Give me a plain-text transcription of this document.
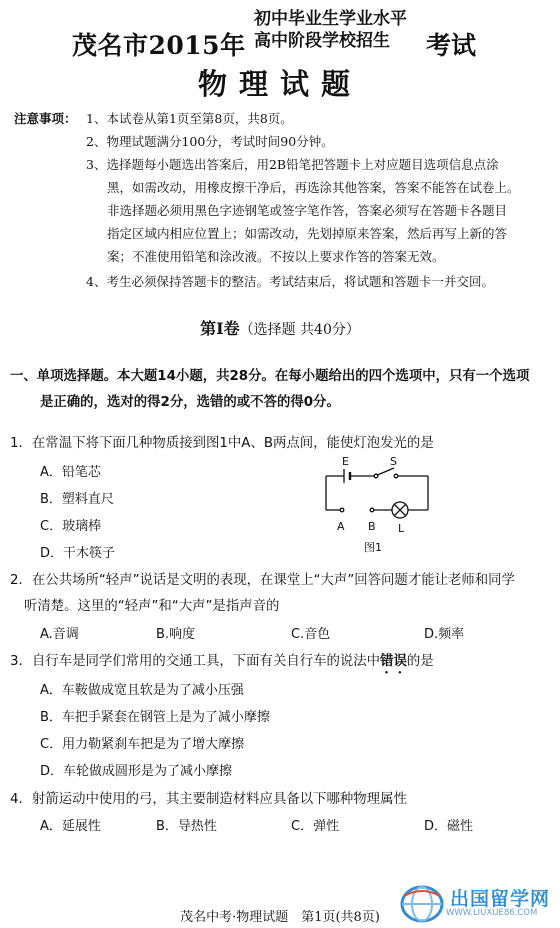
茂名市2015年
初中毕业生学业水平
高中阶段学校招生	考试
物理试题
注意事项： 1、本试卷从第1页至第8页，共8页。
2、物理试题满分100分，考试时间90分钟。
3、选择题每小题选出答案后，用2B铅笔把答题卡上对应题目选项信息点涂
黑，如需改动，用橡皮擦干净后，再选涂其他答案，答案不能答在试卷上。
非选择题必须用黑色字迹钢笔或签字笔作答，答案必须写在答题卡各题目
指定区域内相应位置上；如需改动，先划掉原来答案，然后再写上新的答
案；不准使用铅笔和涂改液。不按以上要求作答的答案无效。
4、考生必须保持答题卡的整洁。考试结束后，将试题和答题卡一并交回。
第Ⅰ卷（选择题 共40分）
一、单项选择题。本大题14小题，共28分。在每小题给出的四个选项中，只有一个选项
是正确的，选对的得2分，选错的或不答的得0分。
1．在常温下将下面几种物质接到图1中A、B两点间，能使灯泡发光的是
A．铅笔芯
B．塑料直尺
C．玻璃棒
D．干木筷子
E	S
A B L
图1
2．在公共场所“轻声”说话是文明的表现，在课堂上“大声”回答问题才能让老师和同学
听清楚。这里的“轻声”和“大声”是指声音的
A.音调	B.响度	C.音色	D.频率
3．自行车是同学们常用的交通工具，下面有关自行车的说法中错误的是
A．车鞍做成宽且软是为了减小压强
B．车把手紧套在钢管上是为了减小摩擦
C．用力勒紧刹车把是为了增大摩擦
D．车轮做成圆形是为了减小摩擦
4．射箭运动中使用的弓，其主要制造材料应具备以下哪种物理属性
A．延展性	B．导热性	C．弹性	D．磁性
茂名中考·物理试题　第1页(共8页)
出国留学网
WWW.LIUXUE86.COM
